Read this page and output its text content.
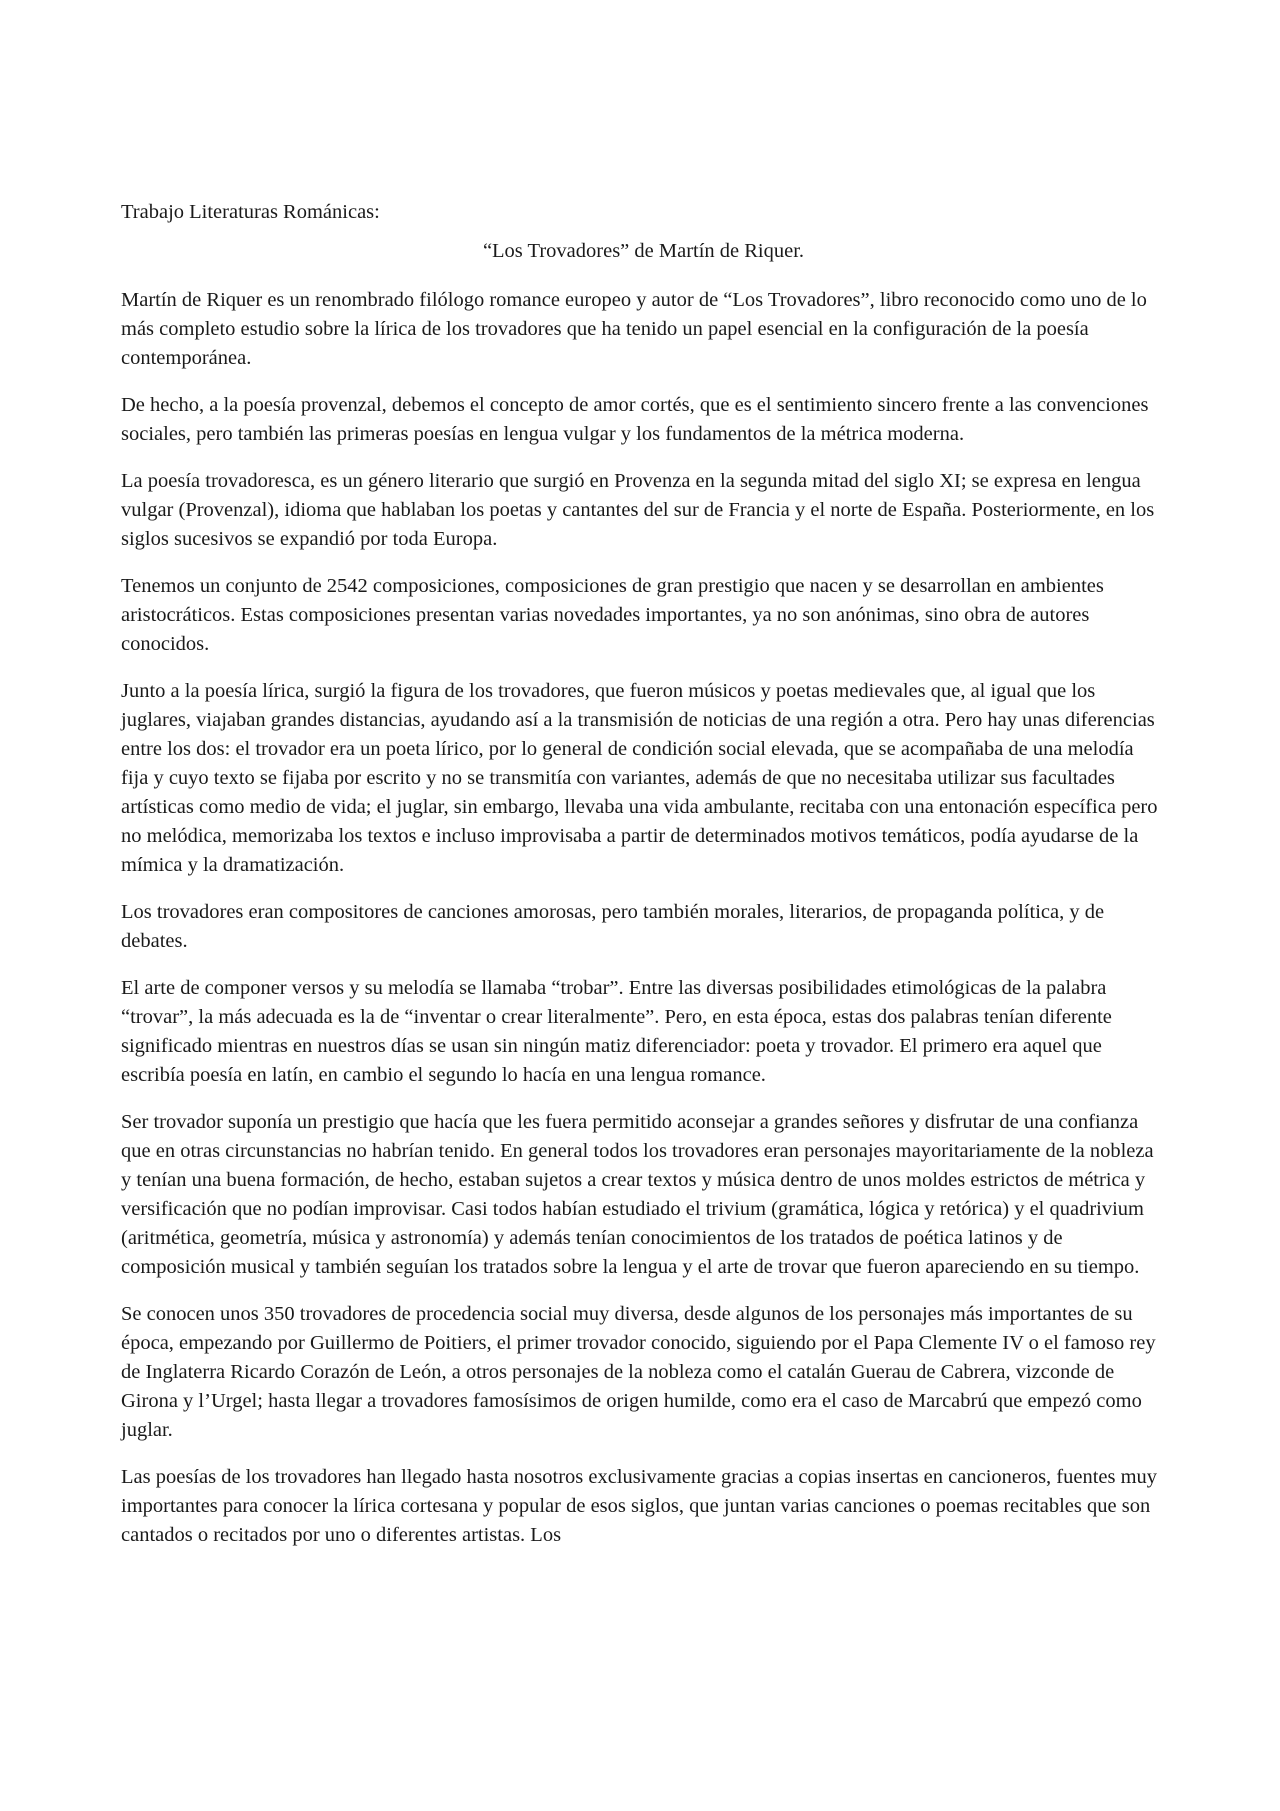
Trabajo Literaturas Románicas:

“Los Trovadores” de Martín de Riquer.

Martín de Riquer es un renombrado filólogo romance europeo y autor de “Los Trovadores”, libro reconocido como uno de lo más completo estudio sobre la lírica de los trovadores que ha tenido un papel esencial en la configuración de la poesía contemporánea.

De hecho, a la poesía provenzal, debemos el concepto de amor cortés, que es el sentimiento sincero frente a las convenciones sociales, pero también las primeras poesías en lengua vulgar y los fundamentos de la métrica moderna.

La poesía trovadoresca, es un género literario que surgió en Provenza en la segunda mitad del siglo XI; se expresa en lengua vulgar (Provenzal), idioma que hablaban los poetas y cantantes del sur de Francia y el norte de España. Posteriormente, en los siglos sucesivos se expandió por toda Europa.

Tenemos un conjunto de 2542 composiciones, composiciones de gran prestigio que nacen y se desarrollan en ambientes aristocráticos. Estas composiciones presentan varias novedades importantes, ya no son anónimas, sino obra de autores conocidos.

Junto a la poesía lírica, surgió la figura de los trovadores, que fueron músicos y poetas medievales que, al igual que los juglares, viajaban grandes distancias, ayudando así a la transmisión de noticias de una región a otra. Pero hay unas diferencias entre los dos: el trovador era un poeta lírico, por lo general de condición social elevada, que se acompañaba de una melodía fija y cuyo texto se fijaba por escrito y no se transmitía con variantes, además de que no necesitaba utilizar sus facultades artísticas como medio de vida; el juglar, sin embargo, llevaba una vida ambulante, recitaba con una entonación específica pero no melódica, memorizaba los textos e incluso improvisaba a partir de determinados motivos temáticos, podía ayudarse de la mímica y la dramatización.

Los trovadores eran compositores de canciones amorosas, pero también morales, literarios, de propaganda política, y de debates.

El arte de componer versos y su melodía se llamaba “trobar”. Entre las diversas posibilidades etimológicas de la palabra “trovar”, la más adecuada es la de “inventar o crear literalmente”. Pero, en esta época, estas dos palabras tenían diferente significado mientras en nuestros días se usan sin ningún matiz diferenciador: poeta y trovador. El primero era aquel que escribía poesía en latín, en cambio el segundo lo hacía en una lengua romance.

Ser trovador suponía un prestigio que hacía que les fuera permitido aconsejar a grandes señores y disfrutar de una confianza que en otras circunstancias no habrían tenido. En general todos los trovadores eran personajes mayoritariamente de la nobleza y tenían una buena formación, de hecho, estaban sujetos a crear textos y música dentro de unos moldes estrictos de métrica y versificación que no podían improvisar. Casi todos habían estudiado el trivium (gramática, lógica y retórica) y el quadrivium (aritmética, geometría, música y astronomía) y además tenían conocimientos de los tratados de poética latinos y de composición musical y también seguían los tratados sobre la lengua y el arte de trovar que fueron apareciendo en su tiempo.

Se conocen unos 350 trovadores de procedencia social muy diversa, desde algunos de los personajes más importantes de su época, empezando por Guillermo de Poitiers, el primer trovador conocido, siguiendo por el Papa Clemente IV o el famoso rey de Inglaterra Ricardo Corazón de León, a otros personajes de la nobleza como el catalán Guerau de Cabrera, vizconde de Girona y l’Urgel; hasta llegar a trovadores famosísimos de origen humilde, como era el caso de Marcabrú que empezó como juglar.

Las poesías de los trovadores han llegado hasta nosotros exclusivamente gracias a copias insertas en cancioneros, fuentes muy importantes para conocer la lírica cortesana y popular de esos siglos, que juntan varias canciones o poemas recitables que son cantados o recitados por uno o diferentes artistas. Los
